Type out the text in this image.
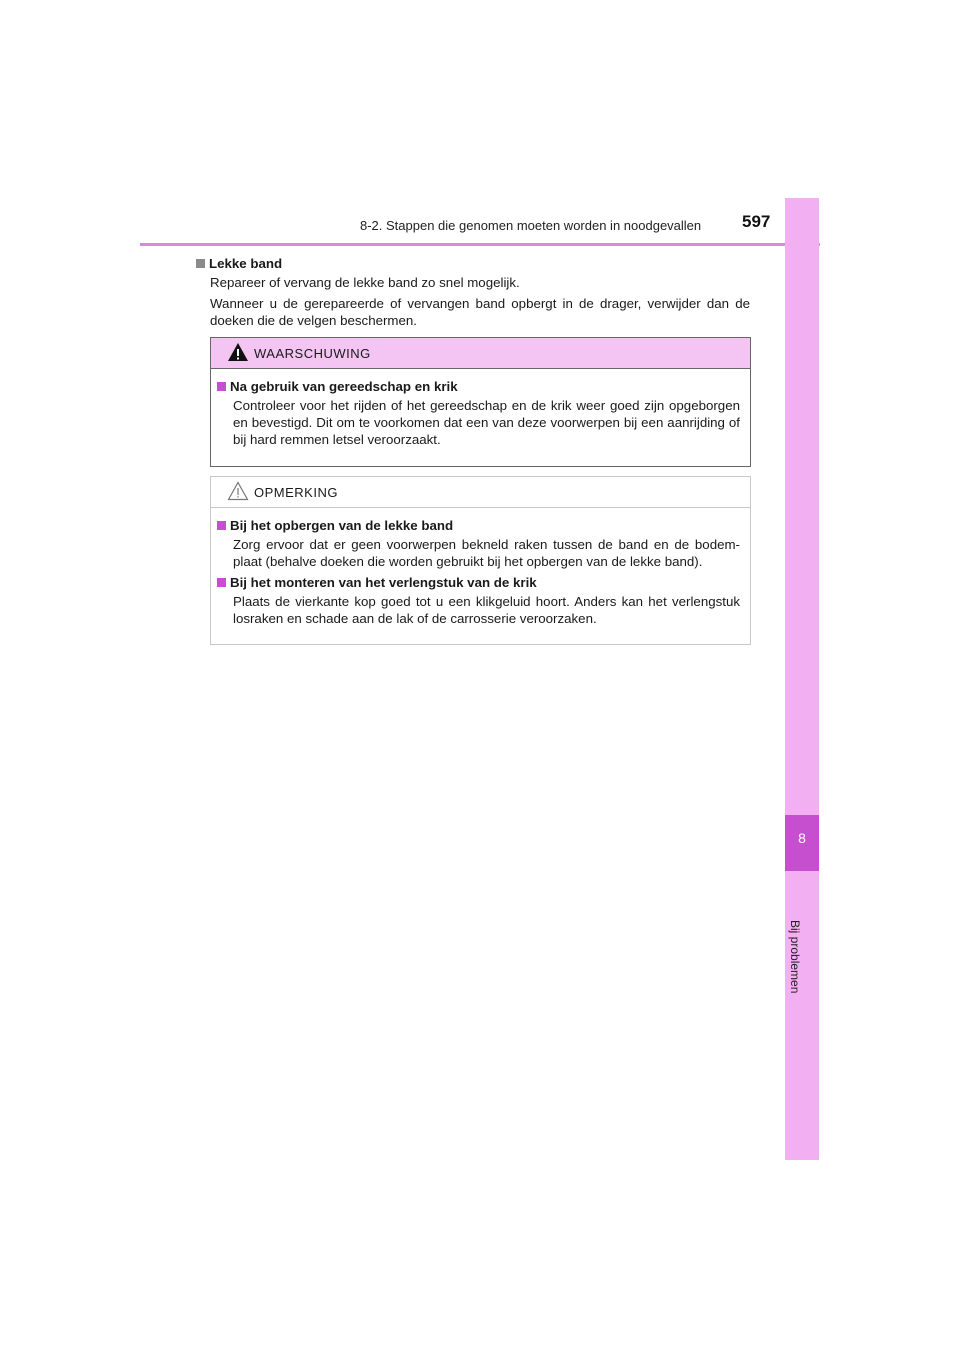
8-2. Stappen die genomen moeten worden in noodgevallen 597
8
Bij problemen
Lekke band
Repareer of vervang de lekke band zo snel mogelijk.
Wanneer u de gerepareerde of vervangen band opbergt in de drager, verwijder dan de doeken die de velgen beschermen.
WAARSCHUWING
Na gebruik van gereedschap en krik
Controleer voor het rijden of het gereedschap en de krik weer goed zijn opgeborgen en bevestigd. Dit om te voorkomen dat een van deze voorwerpen bij een aanrijding of bij hard remmen letsel veroorzaakt.
OPMERKING
Bij het opbergen van de lekke band
Zorg ervoor dat er geen voorwerpen bekneld raken tussen de band en de bodem-plaat (behalve doeken die worden gebruikt bij het opbergen van de lekke band).
Bij het monteren van het verlengstuk van de krik
Plaats de vierkante kop goed tot u een klikgeluid hoort. Anders kan het verlengstuk losraken en schade aan de lak of de carrosserie veroorzaken.
